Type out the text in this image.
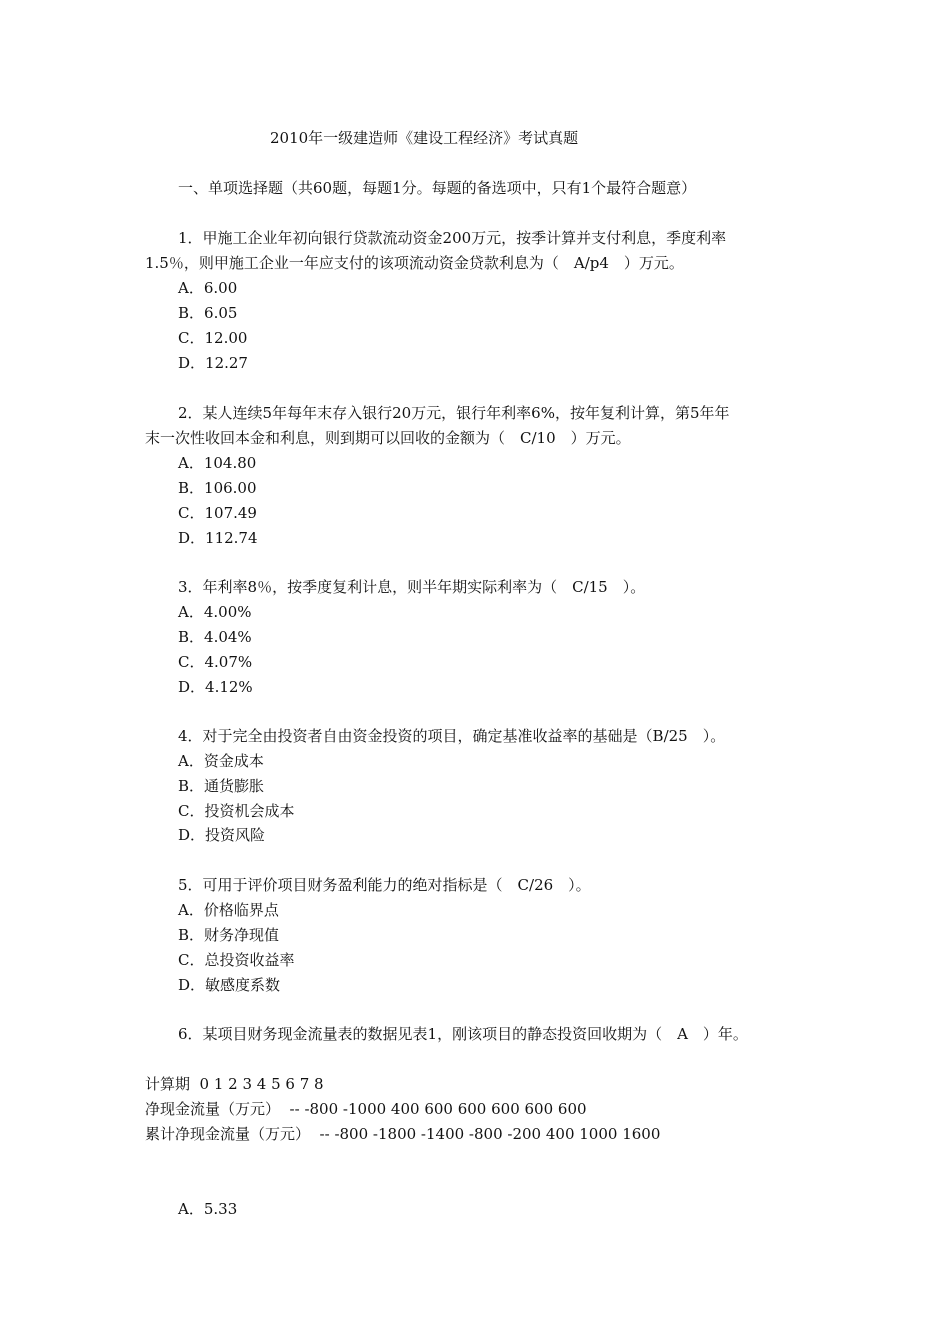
2010年一级建造师《建设工程经济》考试真题
一、单项选择题（共60题，每题1分。每题的备选项中，只有1个最符合题意）
1．甲施工企业年初向银行贷款流动资金200万元，按季计算并支付利息，季度利率
1.5％，则甲施工企业一年应支付的该项流动资金贷款利息为（　A/p4　）万元。
A．6.00
B．6.05
C．12.00
D．12.27
2．某人连续5年每年末存入银行20万元，银行年利率6%，按年复利计算，第5年年
末一次性收回本金和利息，则到期可以回收的金额为（　C/10　）万元。
A．104.80
B．106.00
C．107.49
D．112.74
3．年利率8％，按季度复利计息，则半年期实际利率为（　C/15　）。
A．4.00%
B．4.04%
C．4.07%
D．4.12%
4．对于完全由投资者自由资金投资的项目，确定基准收益率的基础是（B/25　）。
A．资金成本
B．通货膨胀
C．投资机会成本
D．投资风险
5．可用于评价项目财务盈利能力的绝对指标是（　C/26　）。
A．价格临界点
B．财务净现值
C．总投资收益率
D．敏感度系数
6．某项目财务现金流量表的数据见表1，刚该项目的静态投资回收期为（　A　）年。
计算期  0 1 2 3 4 5 6 7 8
净现金流量（万元）  -- -800 -1000 400 600 600 600 600 600
累计净现金流量（万元）  -- -800 -1800 -1400 -800 -200 400 1000 1600
A．5.33
